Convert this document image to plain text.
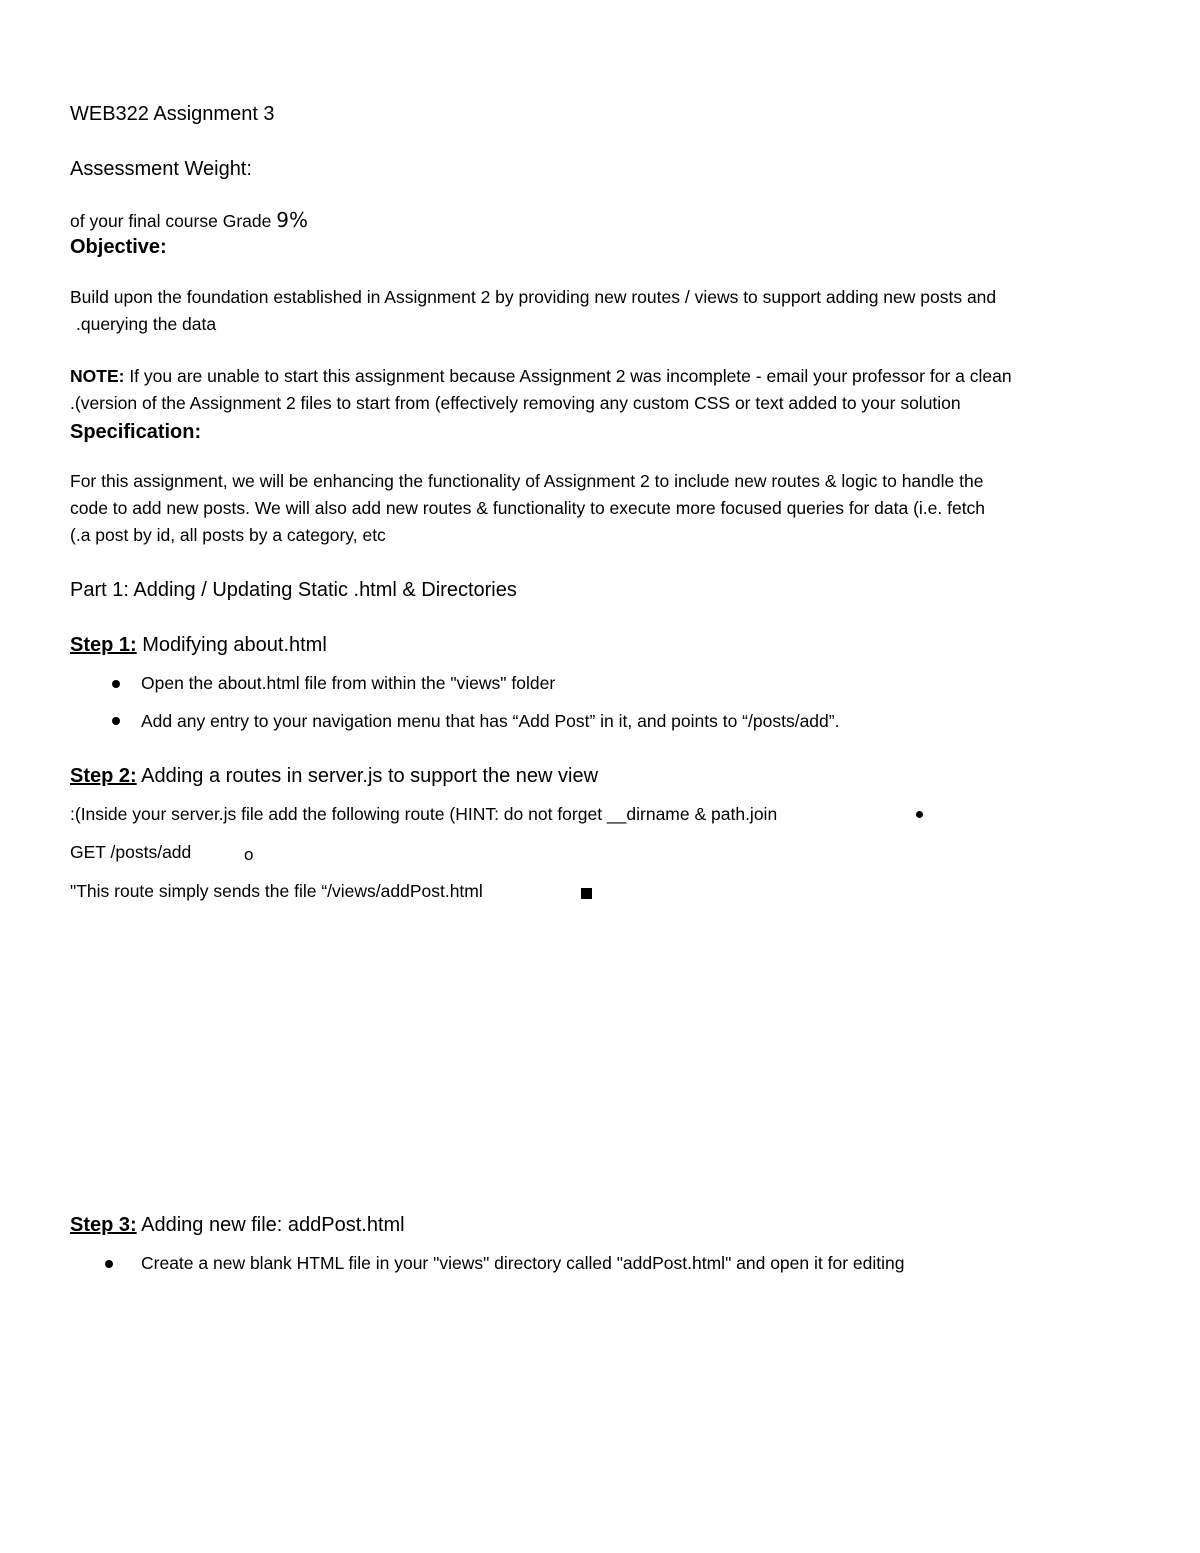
WEB322 Assignment 3
Assessment Weight:
of your final course Grade 9%
Objective:
Build upon the foundation established in Assignment 2 by providing new routes / views to support adding new posts and
.querying the data
NOTE: If you are unable to start this assignment because Assignment 2 was incomplete - email your professor for a clean
.(version of the Assignment 2 files to start from (effectively removing any custom CSS or text added to your solution
Specification:
For this assignment, we will be enhancing the functionality of Assignment 2 to include new routes & logic to handle the
code to add new posts. We will also add new routes & functionality to execute more focused queries for data (i.e. fetch
(.a post by id, all posts by a category, etc
Part 1: Adding / Updating Static .html & Directories
Step 1: Modifying about.html
Open the about.html file from within the "views" folder
Add any entry to your navigation menu that has “Add Post” in it, and points to “/posts/add”.
Step 2: Adding a routes in server.js to support the new view
:(Inside your server.js file add the following route (HINT: do not forget __dirname & path.join
GET /posts/add	o
"This route simply sends the file “/views/addPost.html
Step 3: Adding new file: addPost.html
Create a new blank HTML file in your "views" directory called "addPost.html" and open it for editing
